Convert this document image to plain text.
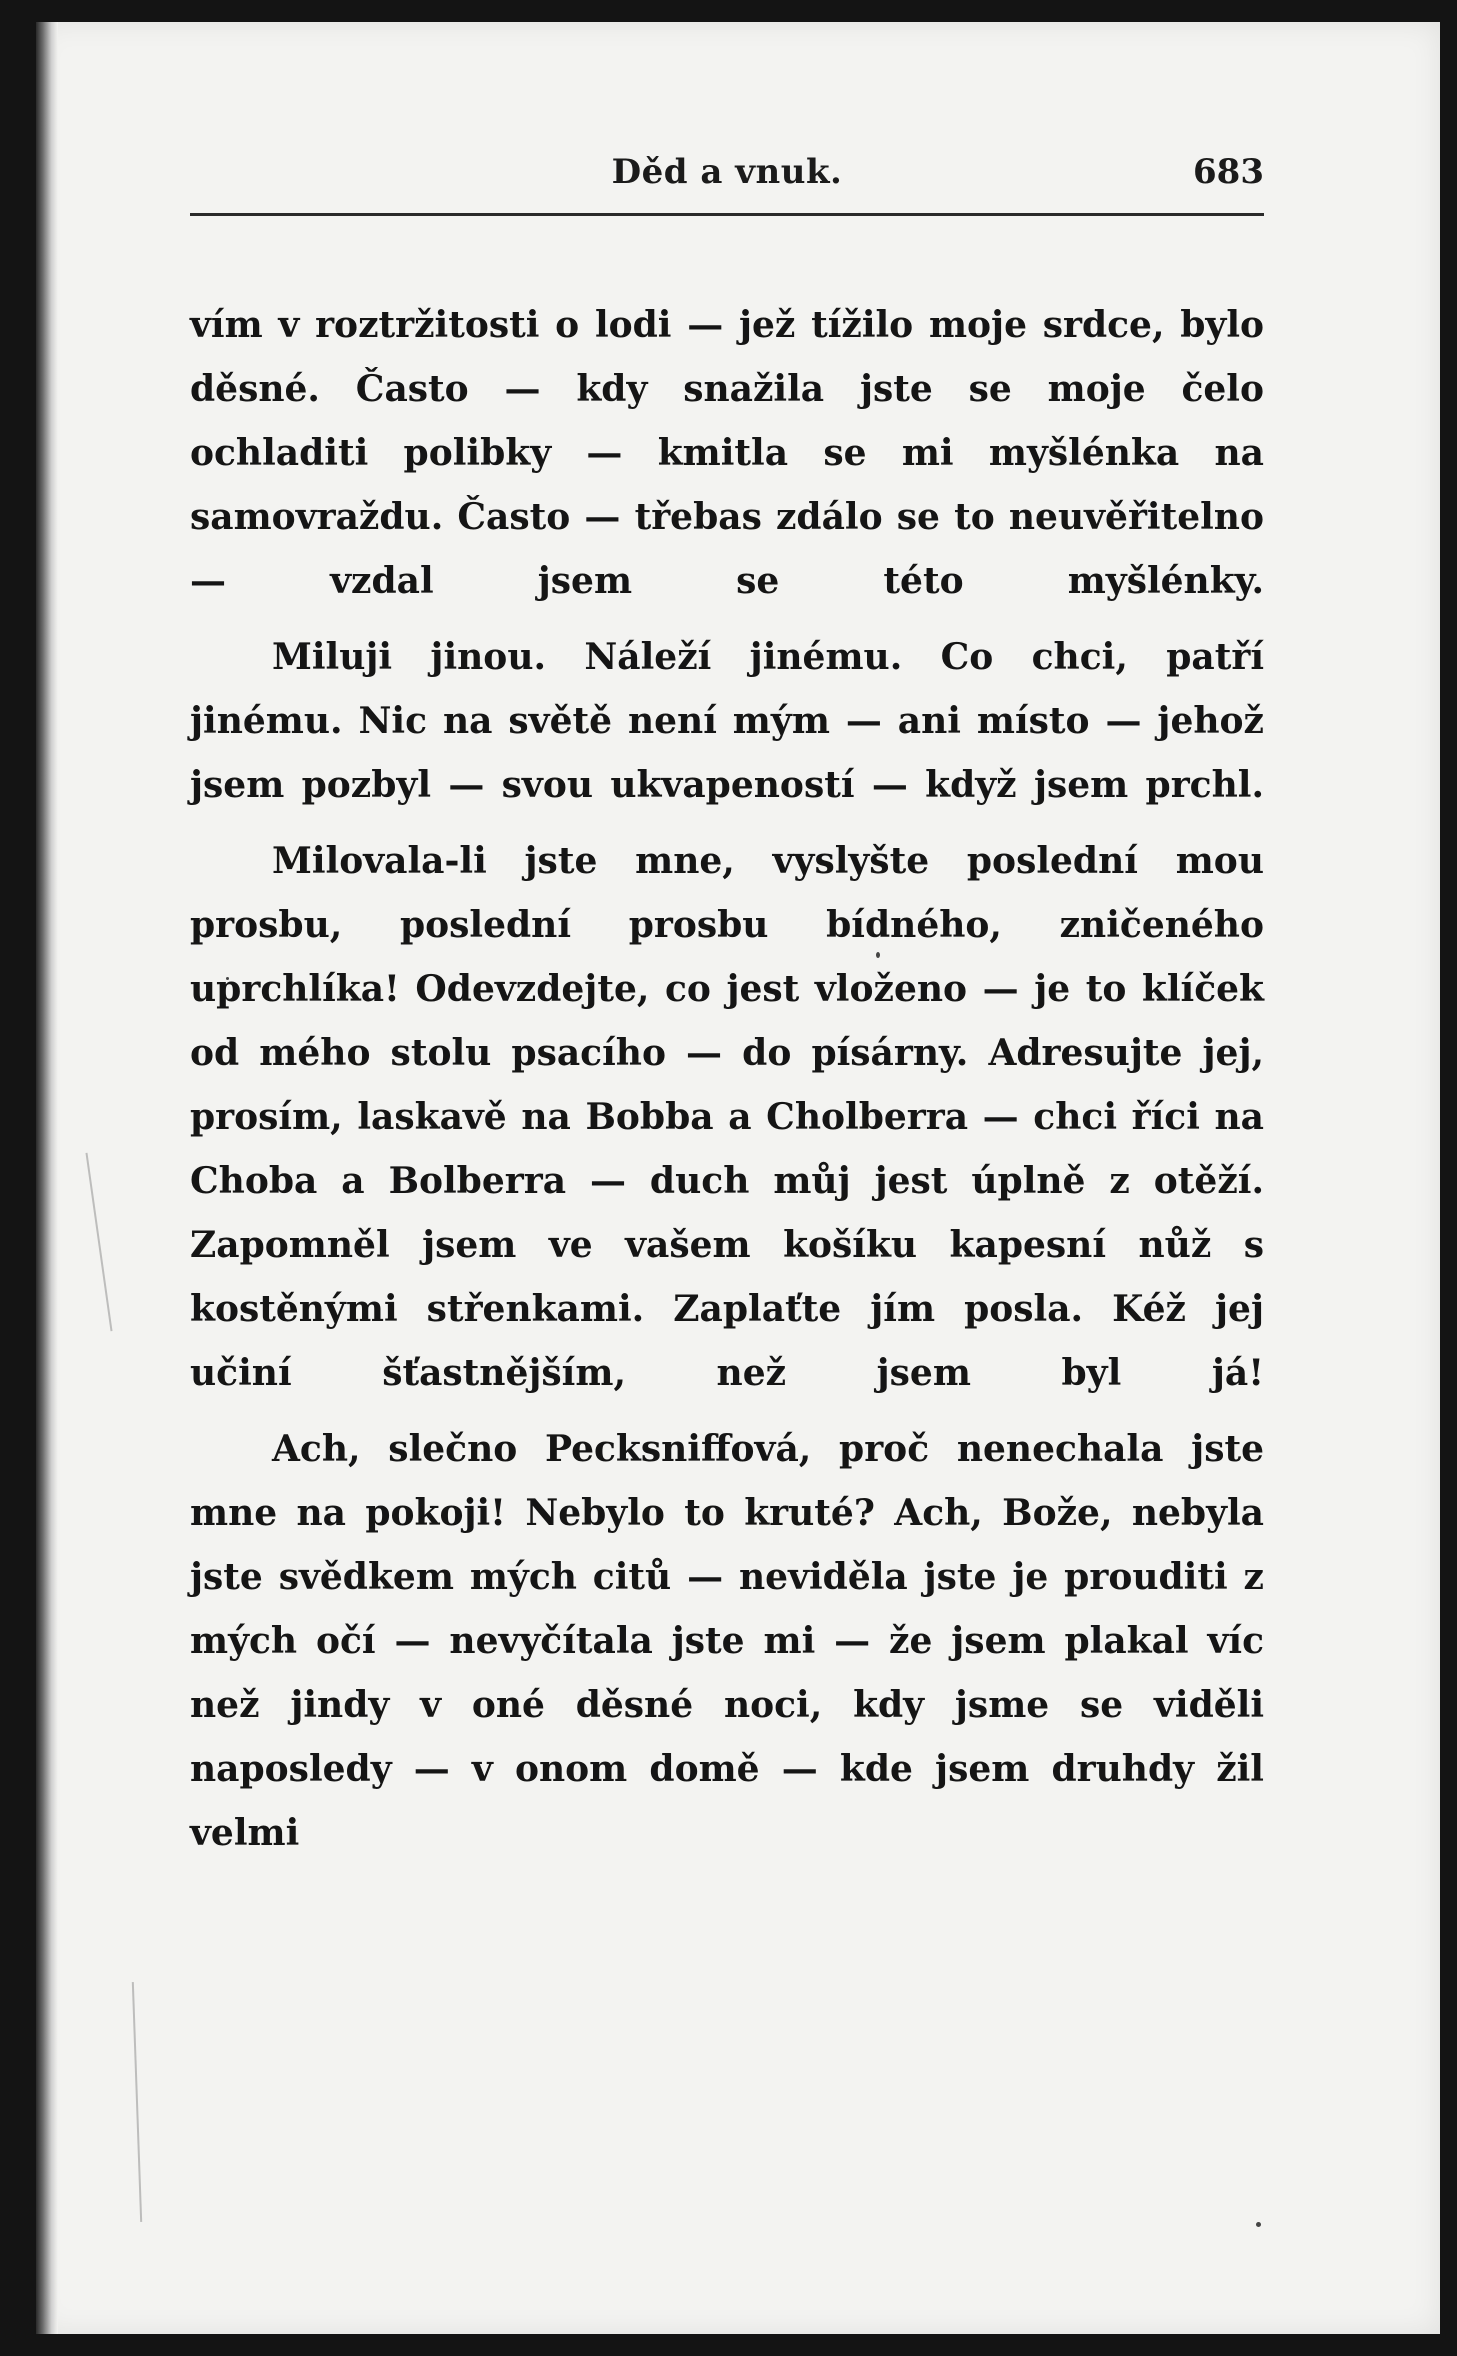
Děd a vnuk.	683

vím v roztržitosti o lodi — jež tížilo moje srdce, bylo děsné. Často — kdy snažila jste se moje čelo ochladiti polibky — kmitla se mi myšlénka na samovraždu. Často — třebas zdálo se to neuvěřitelno — vzdal jsem se této myšlénky.

Miluji jinou. Náleží jinému. Co chci, patří jinému. Nic na světě není mým — ani místo — jehož jsem pozbyl — svou ukvapeností — když jsem prchl.

Milovala-li jste mne, vyslyšte poslední mou prosbu, poslední prosbu bídného, zničeného uprchlíka! Odevzdejte, co jest vloženo — je to klíček od mého stolu psacího — do písárny. Adresujte jej, prosím, laskavě na Bobba a Cholberra — chci říci na Choba a Bolberra — duch můj jest úplně z otěží. Zapomněl jsem ve vašem košíku kapesní nůž s kostěnými střenkami. Zaplaťte jím posla. Kéž jej učiní šťastnějším, než jsem byl já!

Ach, slečno Pecksniffová, proč nenechala jste mne na pokoji! Nebylo to kruté? Ach, Bože, nebyla jste svědkem mých citů — neviděla jste je prouditi z mých očí — nevyčítala jste mi — že jsem plakal víc než jindy v oné děsné noci, kdy jsme se viděli naposledy — v onom domě — kde jsem druhdy žil velmi
